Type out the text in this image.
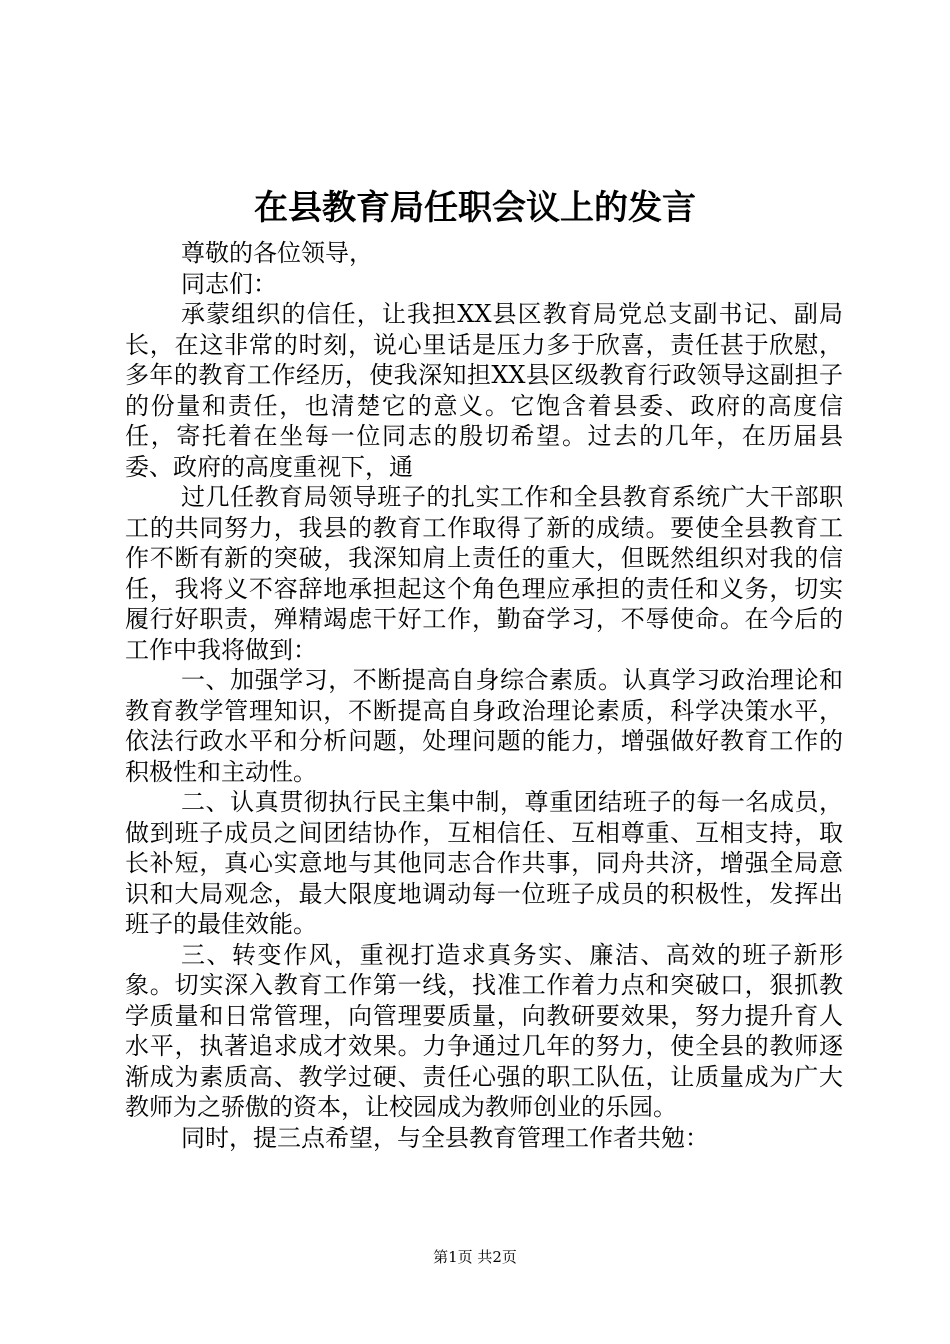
在县教育局任职会议上的发言

尊敬的各位领导，

同志们：

承蒙组织的信任，让我担XX县区教育局党总支副书记、副局长，在这非常的时刻，说心里话是压力多于欣喜，责任甚于欣慰，多年的教育工作经历，使我深知担XX县区级教育行政领导这副担子的份量和责任，也清楚它的意义。它饱含着县委、政府的高度信任，寄托着在坐每一位同志的殷切希望。过去的几年，在历届县委、政府的高度重视下，通

过几任教育局领导班子的扎实工作和全县教育系统广大干部职工的共同努力，我县的教育工作取得了新的成绩。要使全县教育工作不断有新的突破，我深知肩上责任的重大，但既然组织对我的信任，我将义不容辞地承担起这个角色理应承担的责任和义务，切实履行好职责，殚精竭虑干好工作，勤奋学习，不辱使命。在今后的工作中我将做到：

一、加强学习，不断提高自身综合素质。认真学习政治理论和教育教学管理知识，不断提高自身政治理论素质，科学决策水平，依法行政水平和分析问题，处理问题的能力，增强做好教育工作的积极性和主动性。

二、认真贯彻执行民主集中制，尊重团结班子的每一名成员，做到班子成员之间团结协作，互相信任、互相尊重、互相支持，取长补短，真心实意地与其他同志合作共事，同舟共济，增强全局意识和大局观念，最大限度地调动每一位班子成员的积极性，发挥出班子的最佳效能。

三、转变作风，重视打造求真务实、廉洁、高效的班子新形象。切实深入教育工作第一线，找准工作着力点和突破口，狠抓教学质量和日常管理，向管理要质量，向教研要效果，努力提升育人水平，执著追求成才效果。力争通过几年的努力，使全县的教师逐渐成为素质高、教学过硬、责任心强的职工队伍，让质量成为广大教师为之骄傲的资本，让校园成为教师创业的乐园。

同时，提三点希望，与全县教育管理工作者共勉：

第1页 共2页
